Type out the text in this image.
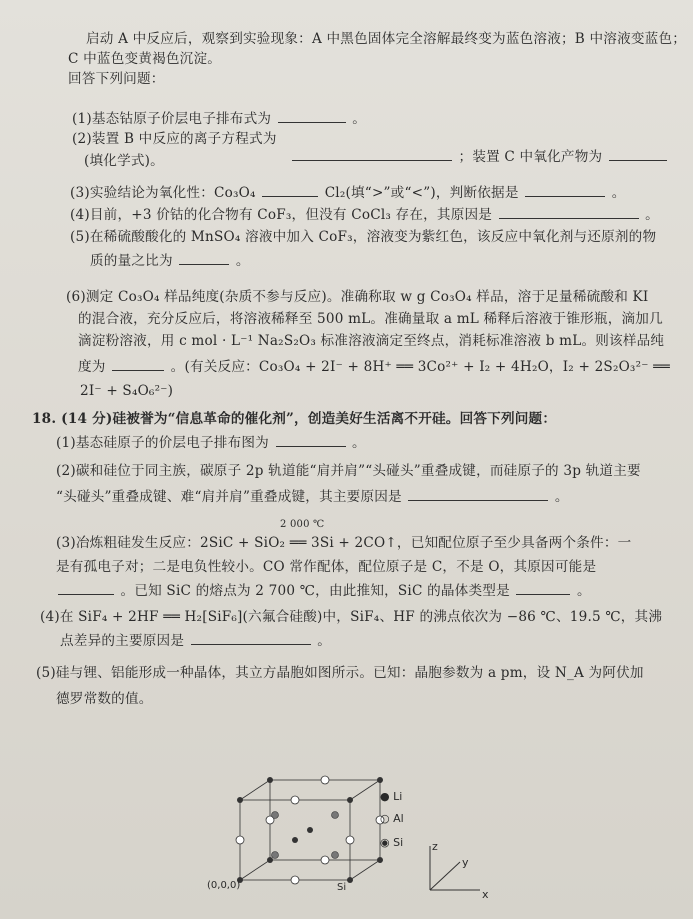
启动 A 中反应后，观察到实验现象：A 中黑色固体完全溶解最终变为蓝色溶液；B 中溶液变蓝色；
C 中蓝色变黄褐色沉淀。
回答下列问题：
(1)基态钴原子价层电子排布式为	。
(2)装置 B 中反应的离子方程式为
(填化学式)。	；装置 C 中氧化产物为
(3)实验结论为氧化性：Co₃O₄	Cl₂(填“>”或“<”)，判断依据是	。
(4)目前，+3 价钴的化合物有 CoF₃，但没有 CoCl₃ 存在，其原因是	。
(5)在稀硫酸酸化的 MnSO₄ 溶液中加入 CoF₃，溶液变为紫红色，该反应中氧化剂与还原剂的物
质的量之比为	。
(6)测定 Co₃O₄ 样品纯度(杂质不参与反应)。准确称取 w g Co₃O₄ 样品，溶于足量稀硫酸和 KI
的混合液，充分反应后，将溶液稀释至 500 mL。准确量取 a mL 稀释后溶液于锥形瓶，滴加几
滴淀粉溶液，用 c mol · L⁻¹ Na₂S₂O₃ 标准溶液滴定至终点，消耗标准溶液 b mL。则该样品纯
度为	。(有关反应：Co₃O₄ + 2I⁻ + 8H⁺ ══ 3Co²⁺ + I₂ + 4H₂O，I₂ + 2S₂O₃²⁻ ══
2I⁻ + S₄O₆²⁻)
18. (14 分)硅被誉为“信息革命的催化剂”，创造美好生活离不开硅。回答下列问题：
(1)基态硅原子的价层电子排布图为	。
(2)碳和硅位于同主族，碳原子 2p 轨道能“肩并肩”“头碰头”重叠成键，而硅原子的 3p 轨道主要
“头碰头”重叠成键、难“肩并肩”重叠成键，其主要原因是	。
(3)冶炼粗硅发生反应：2SiC + SiO₂ ══ 3Si + 2CO↑，已知配位原子至少具备两个条件：一
2 000 ℃
是有孤电子对；二是电负性较小。CO 常作配体，配位原子是 C，不是 O，其原因可能是
。已知 SiC 的熔点为 2 700 ℃，由此推知，SiC 的晶体类型是	。
(4)在 SiF₄ + 2HF ══ H₂[SiF₆](六氟合硅酸)中，SiF₄、HF 的沸点依次为 −86 ℃、19.5 ℃，其沸
点差异的主要原因是	。
(5)硅与锂、铝能形成一种晶体，其立方晶胞如图所示。已知：晶胞参数为 a pm，设 N_A 为阿伏加
德罗常数的值。
● Li
○ Al
◉ Si
(0,0,0)	Si
z
y
x
